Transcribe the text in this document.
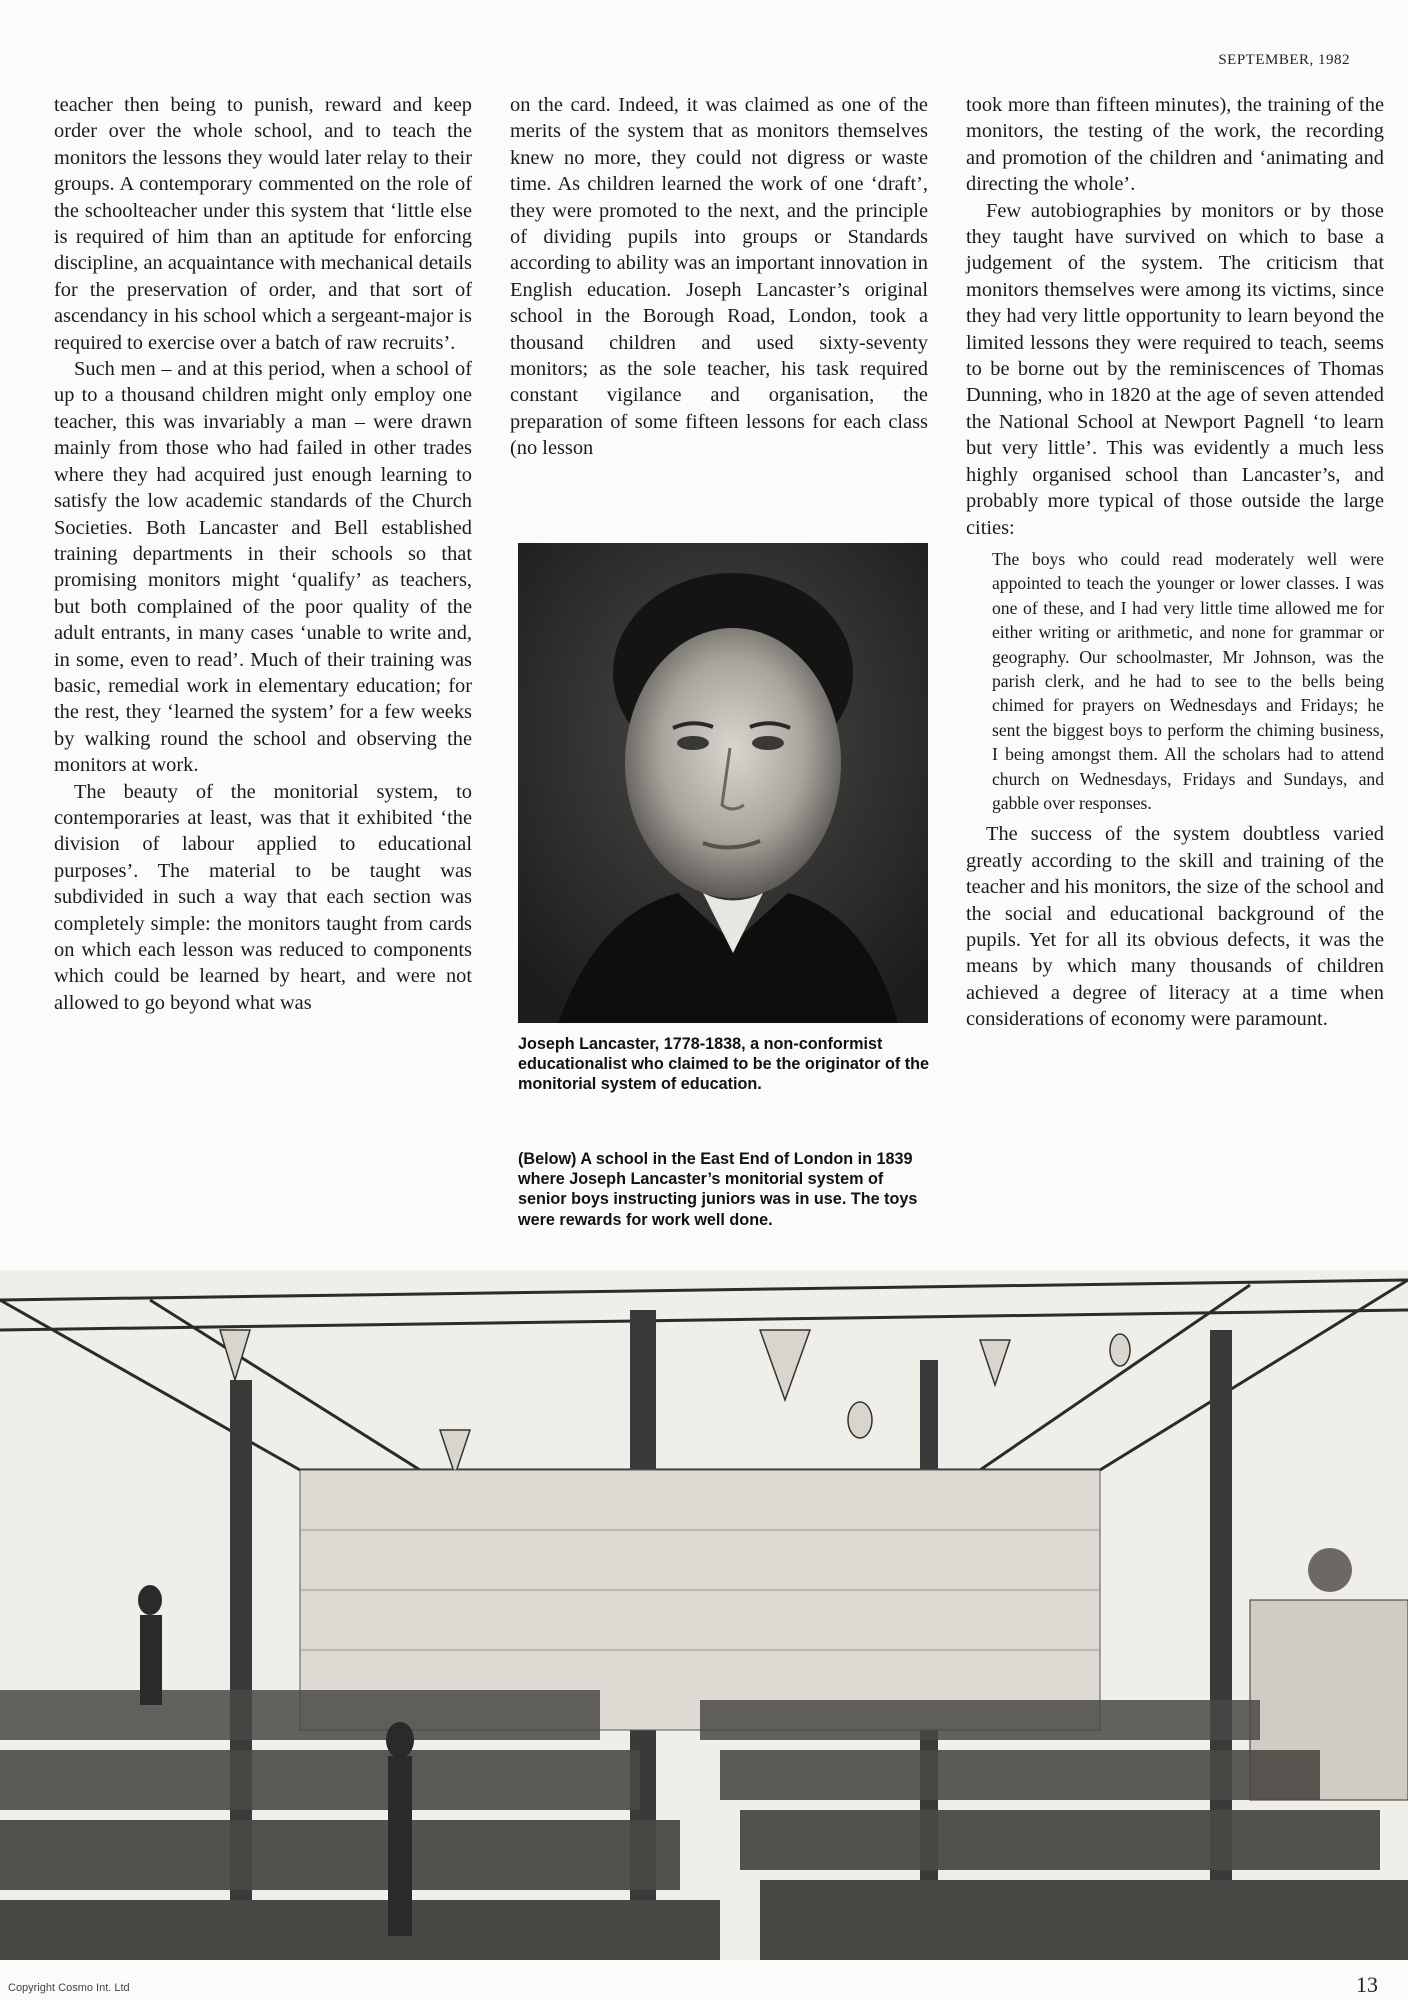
SEPTEMBER, 1982

teacher then being to punish, reward and keep order over the whole school, and to teach the monitors the lessons they would later relay to their groups. A contemporary commented on the role of the schoolteacher under this system that ‘little else is required of him than an aptitude for enforcing discipline, an acquaintance with mechanical details for the preservation of order, and that sort of ascendancy in his school which a sergeant-major is required to exercise over a batch of raw recruits’.

Such men – and at this period, when a school of up to a thousand children might only employ one teacher, this was invariably a man – were drawn mainly from those who had failed in other trades where they had acquired just enough learning to satisfy the low academic standards of the Church Societies. Both Lancaster and Bell established training departments in their schools so that promising monitors might ‘qualify’ as teachers, but both complained of the poor quality of the adult entrants, in many cases ‘unable to write and, in some, even to read’. Much of their training was basic, remedial work in elementary education; for the rest, they ‘learned the system’ for a few weeks by walking round the school and observing the monitors at work.

The beauty of the monitorial system, to contemporaries at least, was that it exhibited ‘the division of labour applied to educational purposes’. The material to be taught was subdivided in such a way that each section was completely simple: the monitors taught from cards on which each lesson was reduced to components which could be learned by heart, and were not allowed to go beyond what was

on the card. Indeed, it was claimed as one of the merits of the system that as monitors themselves knew no more, they could not digress or waste time. As children learned the work of one ‘draft’, they were promoted to the next, and the principle of dividing pupils into groups or Standards according to ability was an important innovation in English education. Joseph Lancaster’s original school in the Borough Road, London, took a thousand children and used sixty-seventy monitors; as the sole teacher, his task required constant vigilance and organisation, the preparation of some fifteen lessons for each class (no lesson

Joseph Lancaster, 1778-1838, a non-conformist educationalist who claimed to be the originator of the monitorial system of education.
(Below) A school in the East End of London in 1839 where Joseph Lancaster’s monitorial system of senior boys instructing juniors was in use. The toys were rewards for work well done.

took more than fifteen minutes), the training of the monitors, the testing of the work, the recording and promotion of the children and ‘animating and directing the whole’.

Few autobiographies by monitors or by those they taught have survived on which to base a judgement of the system. The criticism that monitors themselves were among its victims, since they had very little opportunity to learn beyond the limited lessons they were required to teach, seems to be borne out by the reminiscences of Thomas Dunning, who in 1820 at the age of seven attended the National School at Newport Pagnell ‘to learn but very little’. This was evidently a much less highly organised school than Lancaster’s, and probably more typical of those outside the large cities:

The boys who could read moderately well were appointed to teach the younger or lower classes. I was one of these, and I had very little time allowed me for either writing or arithmetic, and none for grammar or geography. Our schoolmaster, Mr Johnson, was the parish clerk, and he had to see to the bells being chimed for prayers on Wednesdays and Fridays; he sent the biggest boys to perform the chiming business, I being amongst them. All the scholars had to attend church on Wednesdays, Fridays and Sundays, and gabble over responses.

The success of the system doubtless varied greatly according to the skill and training of the teacher and his monitors, the size of the school and the social and educational background of the pupils. Yet for all its obvious defects, it was the means by which many thousands of children achieved a degree of literacy at a time when considerations of economy were paramount.

Copyright Cosmo Int. Ltd	13
